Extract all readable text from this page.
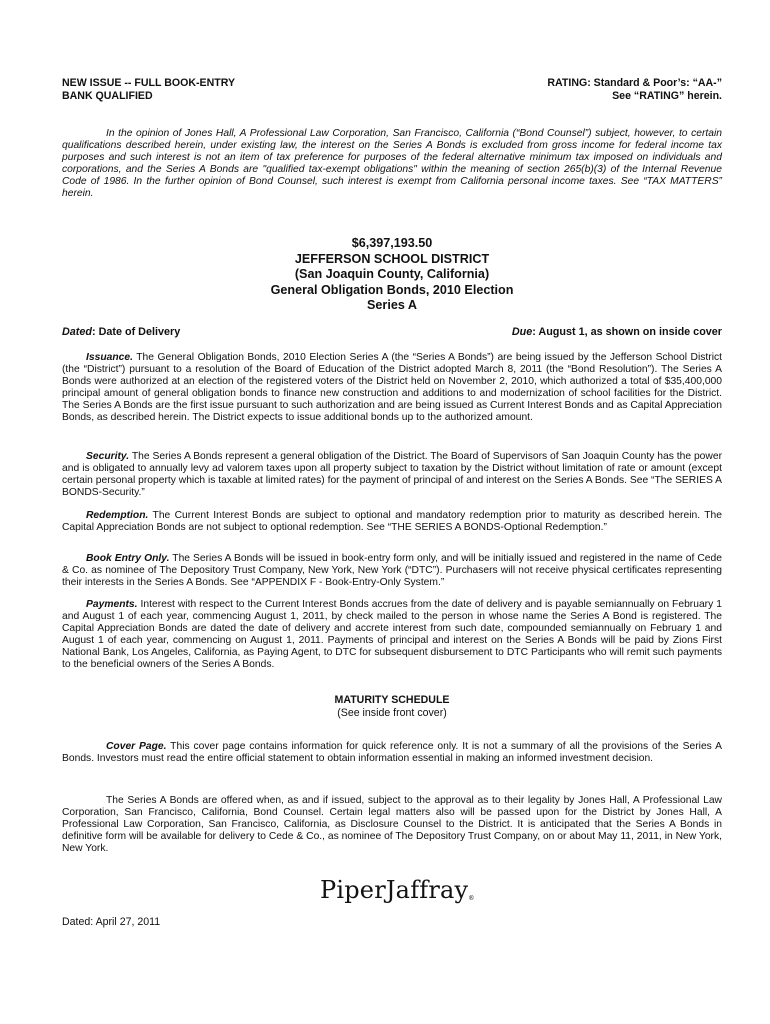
NEW ISSUE -- FULL BOOK-ENTRY
BANK QUALIFIED
RATING: Standard & Poor’s: “AA-”
See “RATING” herein.
In the opinion of Jones Hall, A Professional Law Corporation, San Francisco, California (“Bond Counsel”) subject, however, to certain qualifications described herein, under existing law, the interest on the Series A Bonds is excluded from gross income for federal income tax purposes and such interest is not an item of tax preference for purposes of the federal alternative minimum tax imposed on individuals and corporations, and the Series A Bonds are "qualified tax-exempt obligations" within the meaning of section 265(b)(3) of the Internal Revenue Code of 1986. In the further opinion of Bond Counsel, such interest is exempt from California personal income taxes. See “TAX MATTERS” herein.
$6,397,193.50
JEFFERSON SCHOOL DISTRICT
(San Joaquin County, California)
General Obligation Bonds, 2010 Election
Series A
Dated: Date of Delivery	Due: August 1, as shown on inside cover
Issuance. The General Obligation Bonds, 2010 Election Series A (the “Series A Bonds”) are being issued by the Jefferson School District (the “District”) pursuant to a resolution of the Board of Education of the District adopted March 8, 2011 (the “Bond Resolution”). The Series A Bonds were authorized at an election of the registered voters of the District held on November 2, 2010, which authorized a total of $35,400,000 principal amount of general obligation bonds to finance new construction and additions to and modernization of school facilities for the District. The Series A Bonds are the first issue pursuant to such authorization and are being issued as Current Interest Bonds and as Capital Appreciation Bonds, as described herein. The District expects to issue additional bonds up to the authorized amount.
Security. The Series A Bonds represent a general obligation of the District. The Board of Supervisors of San Joaquin County has the power and is obligated to annually levy ad valorem taxes upon all property subject to taxation by the District without limitation of rate or amount (except certain personal property which is taxable at limited rates) for the payment of principal of and interest on the Series A Bonds. See “The SERIES A BONDS-Security.”
Redemption. The Current Interest Bonds are subject to optional and mandatory redemption prior to maturity as described herein. The Capital Appreciation Bonds are not subject to optional redemption. See “THE SERIES A BONDS-Optional Redemption.”
Book Entry Only. The Series A Bonds will be issued in book-entry form only, and will be initially issued and registered in the name of Cede & Co. as nominee of The Depository Trust Company, New York, New York (“DTC”). Purchasers will not receive physical certificates representing their interests in the Series A Bonds. See “APPENDIX F - Book-Entry-Only System.”
Payments. Interest with respect to the Current Interest Bonds accrues from the date of delivery and is payable semiannually on February 1 and August 1 of each year, commencing August 1, 2011, by check mailed to the person in whose name the Series A Bond is registered. The Capital Appreciation Bonds are dated the date of delivery and accrete interest from such date, compounded semiannually on February 1 and August 1 of each year, commencing on August 1, 2011. Payments of principal and interest on the Series A Bonds will be paid by Zions First National Bank, Los Angeles, California, as Paying Agent, to DTC for subsequent disbursement to DTC Participants who will remit such payments to the beneficial owners of the Series A Bonds.
MATURITY SCHEDULE
(See inside front cover)
Cover Page. This cover page contains information for quick reference only. It is not a summary of all the provisions of the Series A Bonds. Investors must read the entire official statement to obtain information essential in making an informed investment decision.
The Series A Bonds are offered when, as and if issued, subject to the approval as to their legality by Jones Hall, A Professional Law Corporation, San Francisco, California, Bond Counsel. Certain legal matters also will be passed upon for the District by Jones Hall, A Professional Law Corporation, San Francisco, California, as Disclosure Counsel to the District. It is anticipated that the Series A Bonds in definitive form will be available for delivery to Cede & Co., as nominee of The Depository Trust Company, on or about May 11, 2011, in New York, New York.
PiperJaffray®
Dated: April 27, 2011
